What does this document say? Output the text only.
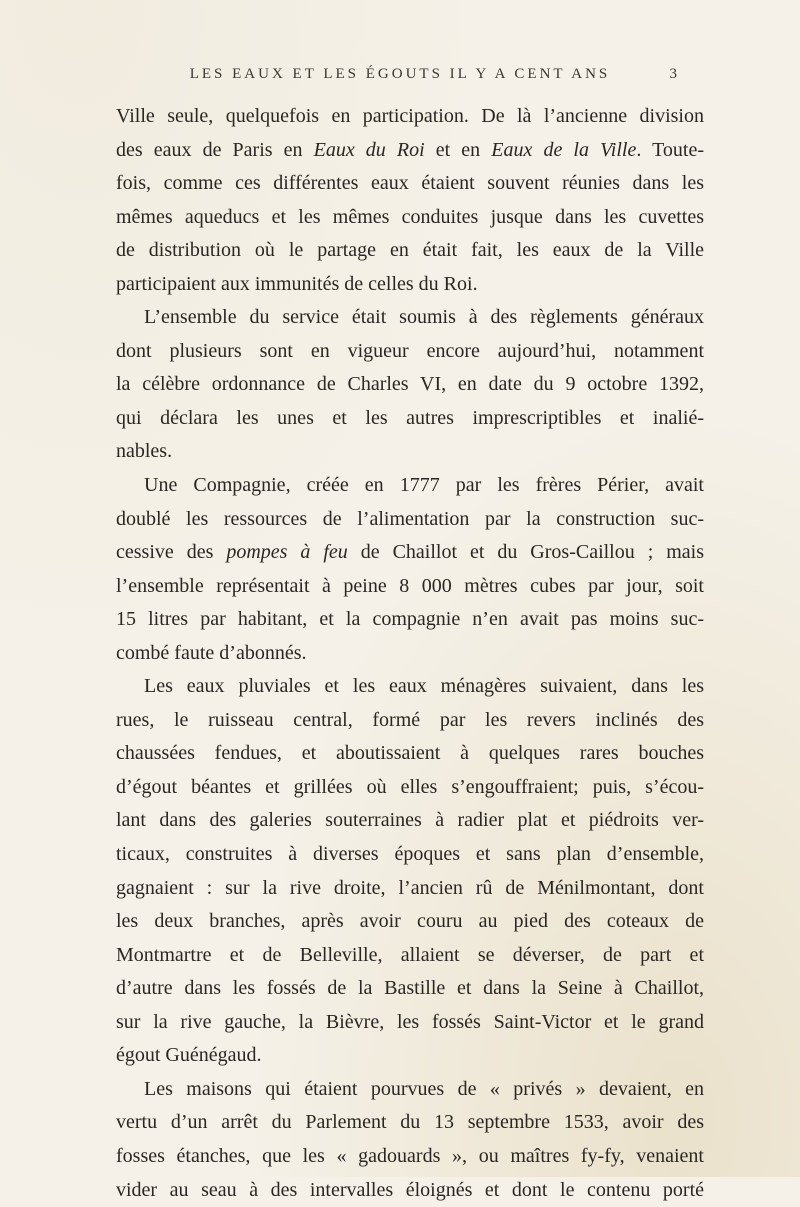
LES EAUX ET LES ÉGOUTS IL Y A CENT ANS	3
Ville seule, quelquefois en participation. De là l’ancienne division
des eaux de Paris en Eaux du Roi et en Eaux de la Ville. Toute-
fois, comme ces différentes eaux étaient souvent réunies dans les
mêmes aqueducs et les mêmes conduites jusque dans les cuvettes
de distribution où le partage en était fait, les eaux de la Ville
participaient aux immunités de celles du Roi.
L’ensemble du service était soumis à des règlements généraux
dont plusieurs sont en vigueur encore aujourd’hui, notamment
la célèbre ordonnance de Charles VI, en date du 9 octobre 1392,
qui déclara les unes et les autres imprescriptibles et inalié-
nables.
Une Compagnie, créée en 1777 par les frères Périer, avait
doublé les ressources de l’alimentation par la construction suc-
cessive des pompes à feu de Chaillot et du Gros-Caillou ; mais
l’ensemble représentait à peine 8 000 mètres cubes par jour, soit
15 litres par habitant, et la compagnie n’en avait pas moins suc-
combé faute d’abonnés.
Les eaux pluviales et les eaux ménagères suivaient, dans les
rues, le ruisseau central, formé par les revers inclinés des
chaussées fendues, et aboutissaient à quelques rares bouches
d’égout béantes et grillées où elles s’engouffraient; puis, s’écou-
lant dans des galeries souterraines à radier plat et piédroits ver-
ticaux, construites à diverses époques et sans plan d’ensemble,
gagnaient : sur la rive droite, l’ancien rû de Ménilmontant, dont
les deux branches, après avoir couru au pied des coteaux de
Montmartre et de Belleville, allaient se déverser, de part et
d’autre dans les fossés de la Bastille et dans la Seine à Chaillot,
sur la rive gauche, la Bièvre, les fossés Saint-Victor et le grand
égout Guénégaud.
Les maisons qui étaient pourvues de « privés » devaient, en
vertu d’un arrêt du Parlement du 13 septembre 1533, avoir des
fosses étanches, que les « gadouards », ou maîtres fy-fy, venaient
vider au seau à des intervalles éloignés et dont le contenu porté
